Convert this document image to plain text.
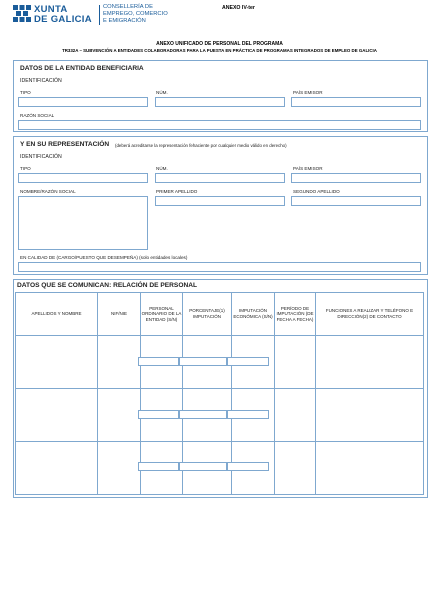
XUNTA
DE GALICIA
CONSELLERÍA DE
EMPREGO, COMERCIO
E EMIGRACIÓN
ANEXO IV-ter
ANEXO UNIFICADO DE PERSONAL DEL PROGRAMA
TR332A – SUBVENCIÓN A ENTIDADES COLABORADORAS PARA LA PUESTA EN PRÁCTICA DE PROGRAMAS INTEGRADOS DE EMPLEO DE GALICIA
DATOS DE LA ENTIDAD BENEFICIARIA
IDENTIFICACIÓN
TIPO	NÚM.	PAÍS EMISOR
RAZÓN SOCIAL
Y EN SU REPRESENTACIÓN (deberá acreditarse la representación fehaciente por cualquier medio válido en derecho)
IDENTIFICACIÓN
TIPO	NÚM.	PAÍS EMISOR
NOMBRE/RAZÓN SOCIAL	PRIMER APELLIDO	SEGUNDO APELLIDO
EN CALIDAD DE (CARGO/PUESTO QUE DESEMPEÑA) (solo entidades locales)
DATOS QUE SE COMUNICAN: RELACIÓN DE PERSONAL
APELLIDOS Y NOMBRE	NIF/NIE	PERSONAL ORDINARIO DE LA ENTIDAD (S/N)	PORCENTAJE(1) IMPUTACIÓN	IMPUTACIÓN ECONÓMICA (S/N)	PERÍODO DE IMPUTACIÓN (DE FECHA A FECHA)	FUNCIONES A REALIZAR Y TELÉFONO E DIRECCIÓN(2) DE CONTACTO
